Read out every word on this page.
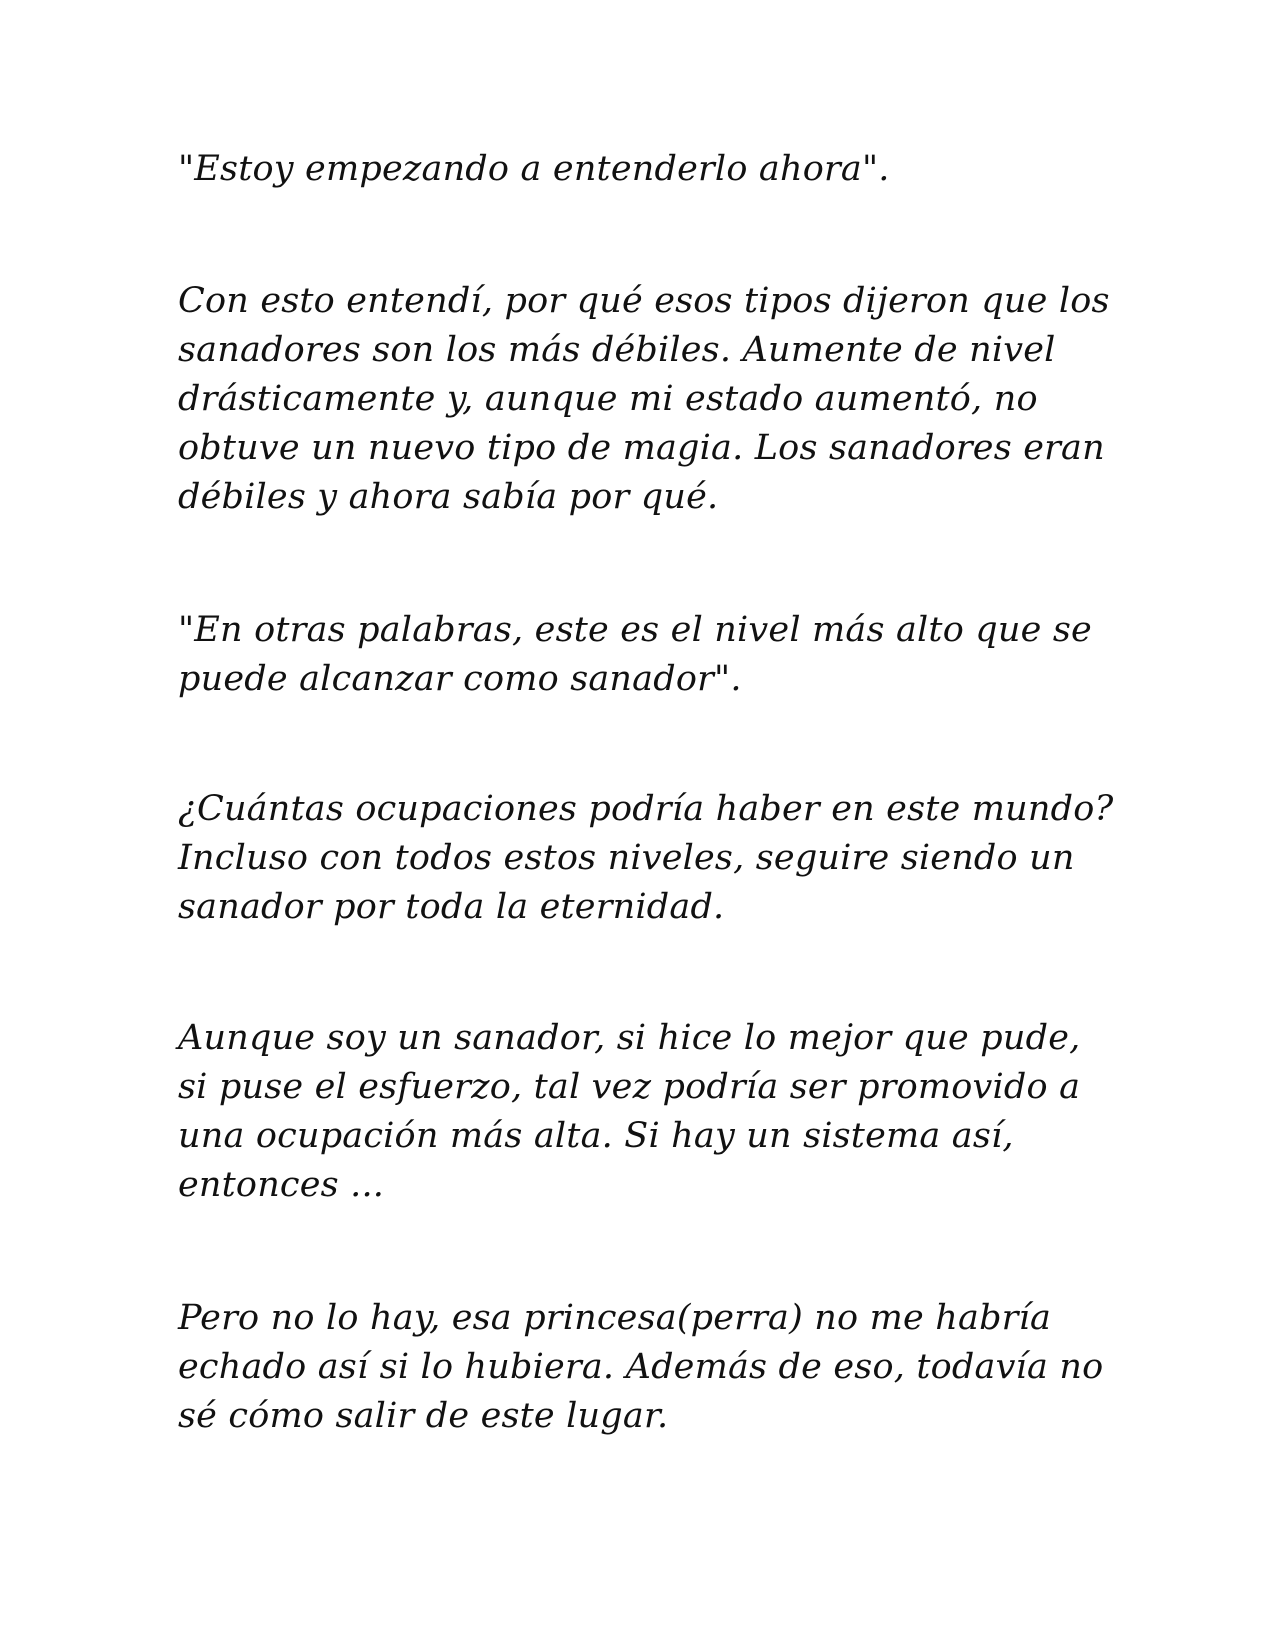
"Estoy empezando a entenderlo ahora".

Con esto entendí, por qué esos tipos dijeron que los
sanadores son los más débiles. Aumente de nivel
drásticamente y, aunque mi estado aumentó, no
obtuve un nuevo tipo de magia. Los sanadores eran
débiles y ahora sabía por qué.

"En otras palabras, este es el nivel más alto que se
puede alcanzar como sanador".

¿Cuántas ocupaciones podría haber en este mundo?
Incluso con todos estos niveles, seguire siendo un
sanador por toda la eternidad.

Aunque soy un sanador, si hice lo mejor que pude,
si puse el esfuerzo, tal vez podría ser promovido a
una ocupación más alta. Si hay un sistema así,
entonces ...

Pero no lo hay, esa princesa(perra) no me habría
echado así si lo hubiera. Además de eso, todavía no
sé cómo salir de este lugar.
